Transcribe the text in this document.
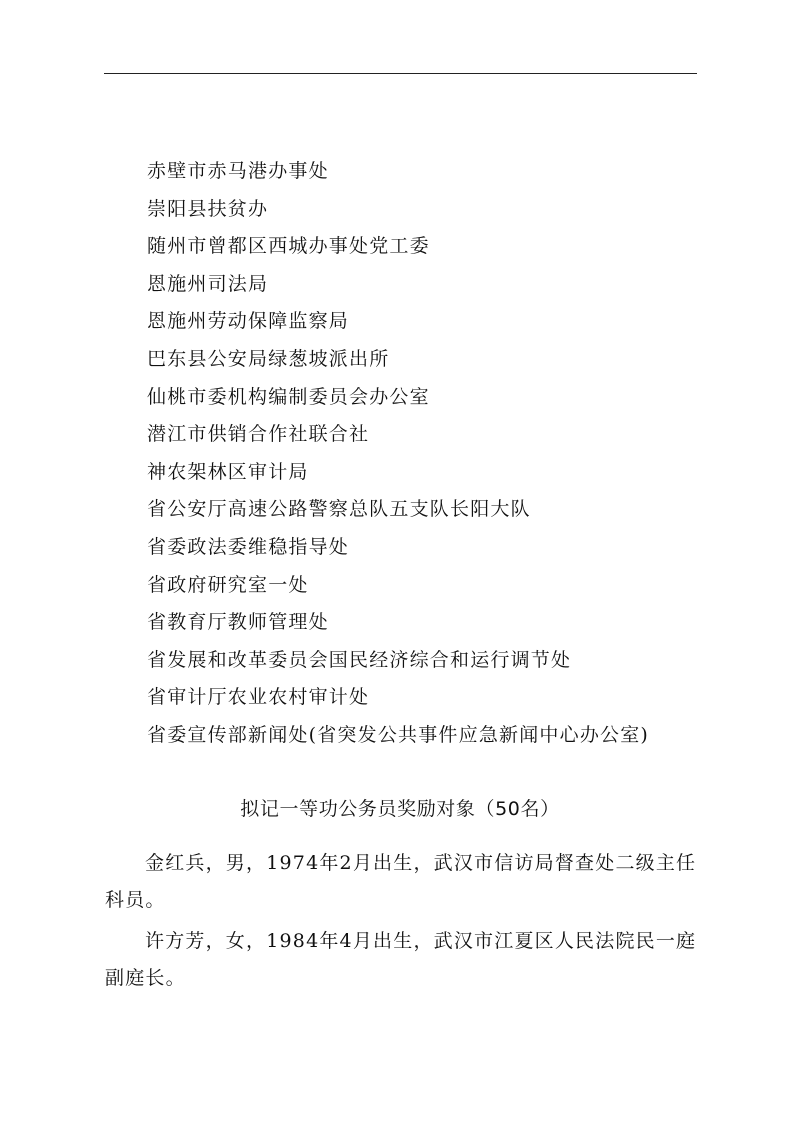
赤壁市赤马港办事处
崇阳县扶贫办
随州市曾都区西城办事处党工委
恩施州司法局
恩施州劳动保障监察局
巴东县公安局绿葱坡派出所
仙桃市委机构编制委员会办公室
潜江市供销合作社联合社
神农架林区审计局
省公安厅高速公路警察总队五支队长阳大队
省委政法委维稳指导处
省政府研究室一处
省教育厅教师管理处
省发展和改革委员会国民经济综合和运行调节处
省审计厅农业农村审计处
省委宣传部新闻处(省突发公共事件应急新闻中心办公室)
拟记一等功公务员奖励对象（50名）

金红兵，男，1974年2月出生，武汉市信访局督查处二级主任科员。

许方芳，女，1984年4月出生，武汉市江夏区人民法院民一庭副庭长。
